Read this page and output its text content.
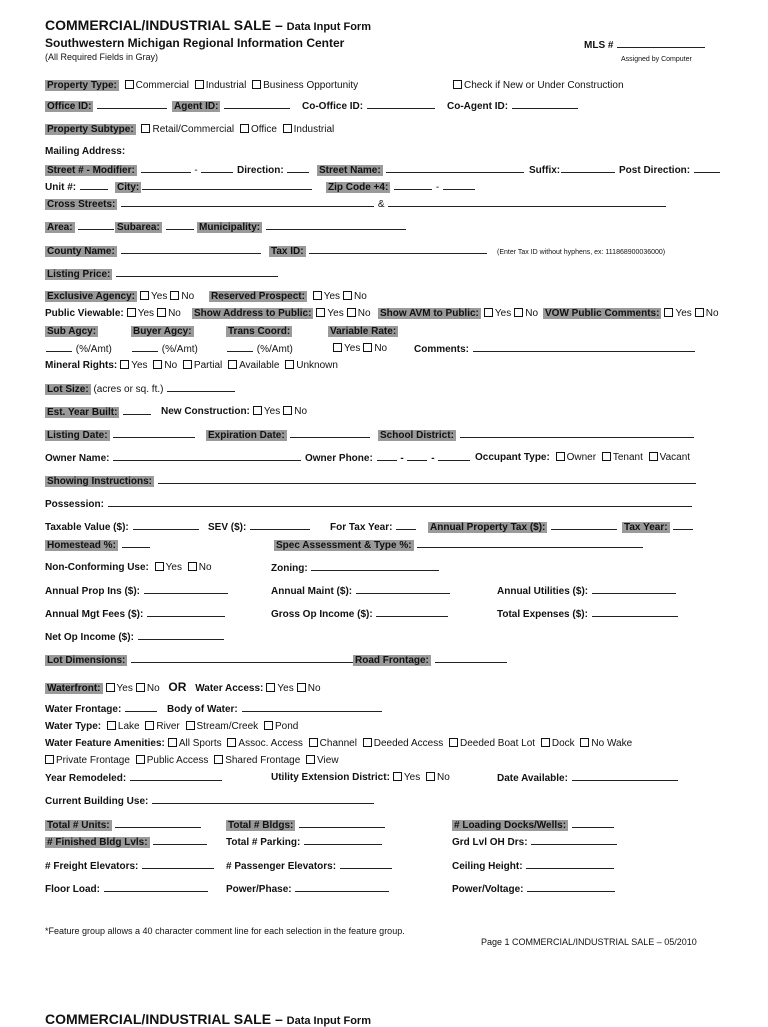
COMMERCIAL/INDUSTRIAL SALE – Data Input Form
Southwestern Michigan Regional Information Center
(All Required Fields in Gray)
MLS #
Assigned by Computer
Property Type: Commercial Industrial Business Opportunity	Check if New or Under Construction
Office ID:	Agent ID:	Co-Office ID:	Co-Agent ID:
Property Subtype: Retail/Commercial Office Industrial
Mailing Address:
Street # - Modifier:	-	Direction:	Street Name:	Suffix:	Post Direction:
Unit #:	City:	Zip Code +4:	-
Cross Streets:	&
Area:	Subarea:	Municipality:
County Name:	Tax ID:	(Enter Tax ID without hyphens, ex: 111868900036000)
Listing Price:
Exclusive Agency: Yes No Reserved Prospect: Yes No
Public Viewable: Yes No Show Address to Public: Yes No Show AVM to Public: Yes No VOW Public Comments: Yes No
Sub Agcy:	Buyer Agcy:	Trans Coord:	Variable Rate:
(%/Amt)	(%/Amt)	(%/Amt)	Yes No	Comments:
Mineral Rights: Yes No Partial Available Unknown
Lot Size: (acres or sq. ft.)
Est. Year Built:	New Construction: Yes No
Listing Date:	Expiration Date:	School District:
Owner Name:	Owner Phone:  -  -	Occupant Type: Owner Tenant Vacant
Showing Instructions:
Possession:
Taxable Value ($):	SEV ($):	For Tax Year:	Annual Property Tax ($):	Tax Year:
Homestead %:	Spec Assessment & Type %:
Non-Conforming Use: Yes No	Zoning:
Annual Prop Ins ($):	Annual Maint ($):	Annual Utilities ($):
Annual Mgt Fees ($):	Gross Op Income ($):	Total Expenses ($):
Net Op Income ($):
Lot Dimensions:	Road Frontage:
Waterfront: Yes No OR Water Access: Yes No
Water Frontage:	Body of Water:
Water Type: Lake River Stream/Creek Pond
Water Feature Amenities: All Sports Assoc. Access Channel Deeded Access Deeded Boat Lot Dock No Wake
Private Frontage Public Access Shared Frontage View
Year Remodeled:	Utility Extension District: Yes No	Date Available:
Current Building Use:
Total # Units:	Total # Bldgs:	# Loading Docks/Wells:
# Finished Bldg Lvls:	Total # Parking:	Grd Lvl OH Drs:
# Freight Elevators:	# Passenger Elevators:	Ceiling Height:
Floor Load:	Power/Phase:	Power/Voltage:
*Feature group allows a 40 character comment line for each selection in the feature group.
Page 1 COMMERCIAL/INDUSTRIAL SALE – 05/2010
COMMERCIAL/INDUSTRIAL SALE – Data Input Form
